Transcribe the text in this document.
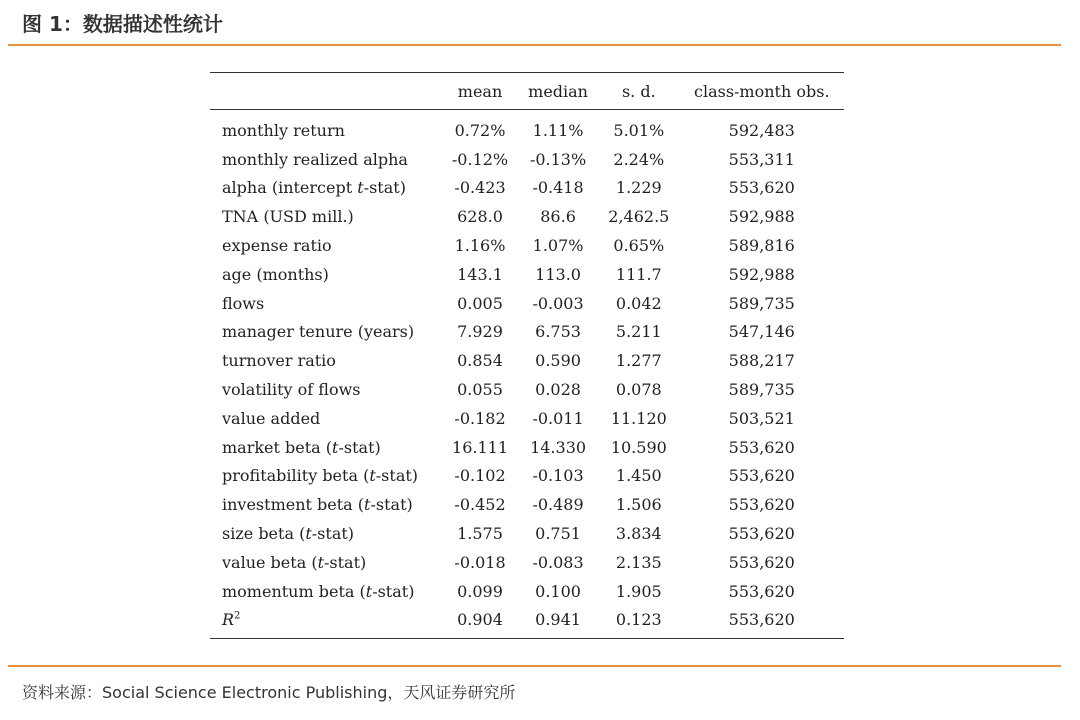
图 1：数据描述性统计
	mean	median	s. d.	class-month obs.
monthly return	0.72%	1.11%	5.01%	592,483
monthly realized alpha	-0.12%	-0.13%	2.24%	553,311
alpha (intercept t-stat)	-0.423	-0.418	1.229	553,620
TNA (USD mill.)	628.0	86.6	2,462.5	592,988
expense ratio	1.16%	1.07%	0.65%	589,816
age (months)	143.1	113.0	111.7	592,988
flows	0.005	-0.003	0.042	589,735
manager tenure (years)	7.929	6.753	5.211	547,146
turnover ratio	0.854	0.590	1.277	588,217
volatility of flows	0.055	0.028	0.078	589,735
value added	-0.182	-0.011	11.120	503,521
market beta (t-stat)	16.111	14.330	10.590	553,620
profitability beta (t-stat)	-0.102	-0.103	1.450	553,620
investment beta (t-stat)	-0.452	-0.489	1.506	553,620
size beta (t-stat)	1.575	0.751	3.834	553,620
value beta (t-stat)	-0.018	-0.083	2.135	553,620
momentum beta (t-stat)	0.099	0.100	1.905	553,620
$R^2$	0.904	0.941	0.123	553,620
资料来源：Social Science Electronic Publishing，天风证券研究所
